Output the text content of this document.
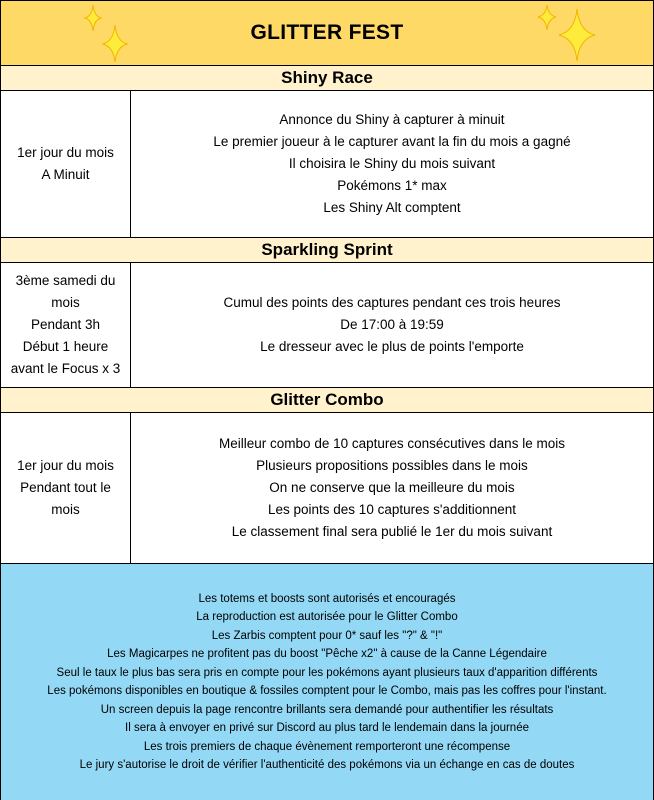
GLITTER FEST
Shiny Race
1er jour du mois
A Minuit
Annonce du Shiny à capturer à minuit
Le premier joueur à le capturer avant la fin du mois a gagné
Il choisira le Shiny du mois suivant
Pokémons 1* max
Les Shiny Alt comptent
Sparkling Sprint
3ème samedi du
mois
Pendant 3h
Début 1 heure
avant le Focus x 3
Cumul des points des captures pendant ces trois heures
De 17:00 à 19:59
Le dresseur avec le plus de points l'emporte
Glitter Combo
1er jour du mois
Pendant tout le
mois
Meilleur combo de 10 captures consécutives dans le mois
Plusieurs propositions possibles dans le mois
On ne conserve que la meilleure du mois
Les points des 10 captures s'additionnent
Le classement final sera publié le 1er du mois suivant
Les totems et boosts sont autorisés et encouragés
La reproduction est autorisée pour le Glitter Combo
Les Zarbis comptent pour 0* sauf les "?" & "!"
Les Magicarpes ne profitent pas du boost "Pêche x2" à cause de la Canne Légendaire
Seul le taux le plus bas sera pris en compte pour les pokémons ayant plusieurs taux d'apparition différents
Les pokémons disponibles en boutique & fossiles comptent pour le Combo, mais pas les coffres pour l'instant.
Un screen depuis la page rencontre brillants sera demandé pour authentifier les résultats
Il sera à envoyer en privé sur Discord au plus tard le lendemain dans la journée
Les trois premiers de chaque évènement remporteront une récompense
Le jury s'autorise le droit de vérifier l'authenticité des pokémons via un échange en cas de doutes
